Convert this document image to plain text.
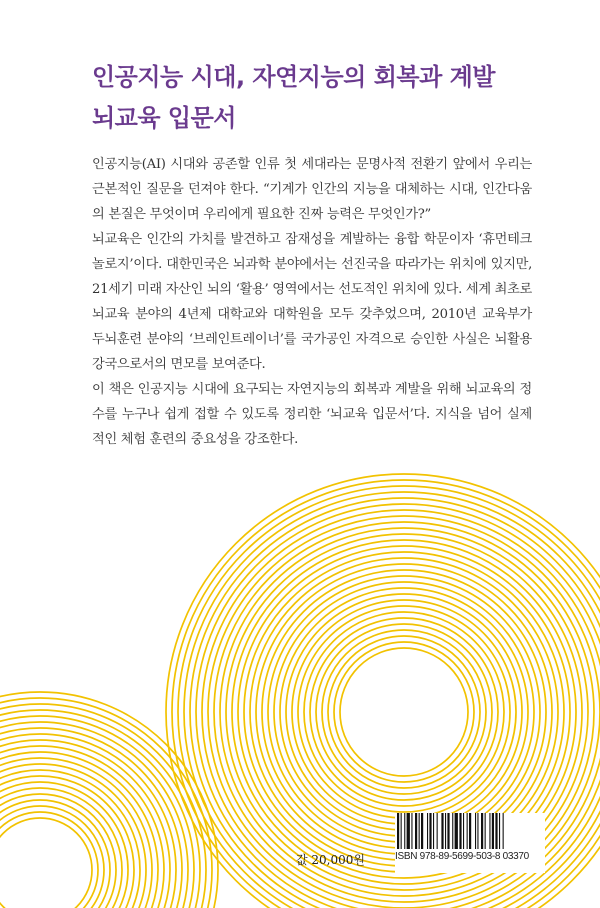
인공지능 시대, 자연지능의 회복과 계발
뇌교육 입문서

인공지능(AI) 시대와 공존할 인류 첫 세대라는 문명사적 전환기 앞에서 우리는 근본적인 질문을 던져야 한다. “기계가 인간의 지능을 대체하는 시대, 인간다움의 본질은 무엇이며 우리에게 필요한 진짜 능력은 무엇인가?”

뇌교육은 인간의 가치를 발견하고 잠재성을 계발하는 융합 학문이자 ‘휴먼테크놀로지’이다. 대한민국은 뇌과학 분야에서는 선진국을 따라가는 위치에 있지만, 21세기 미래 자산인 뇌의 ‘활용’ 영역에서는 선도적인 위치에 있다. 세계 최초로 뇌교육 분야의 4년제 대학교와 대학원을 모두 갖추었으며, 2010년 교육부가 두뇌훈련 분야의 ‘브레인트레이너’를 국가공인 자격으로 승인한 사실은 뇌활용 강국으로서의 면모를 보여준다.

이 책은 인공지능 시대에 요구되는 자연지능의 회복과 계발을 위해 뇌교육의 정수를 누구나 쉽게 접할 수 있도록 정리한 ‘뇌교육 입문서’다. 지식을 넘어 실제적인 체험 훈련의 중요성을 강조한다.

ISBN 978-89-5699-503-8 03370
값 20,000원
